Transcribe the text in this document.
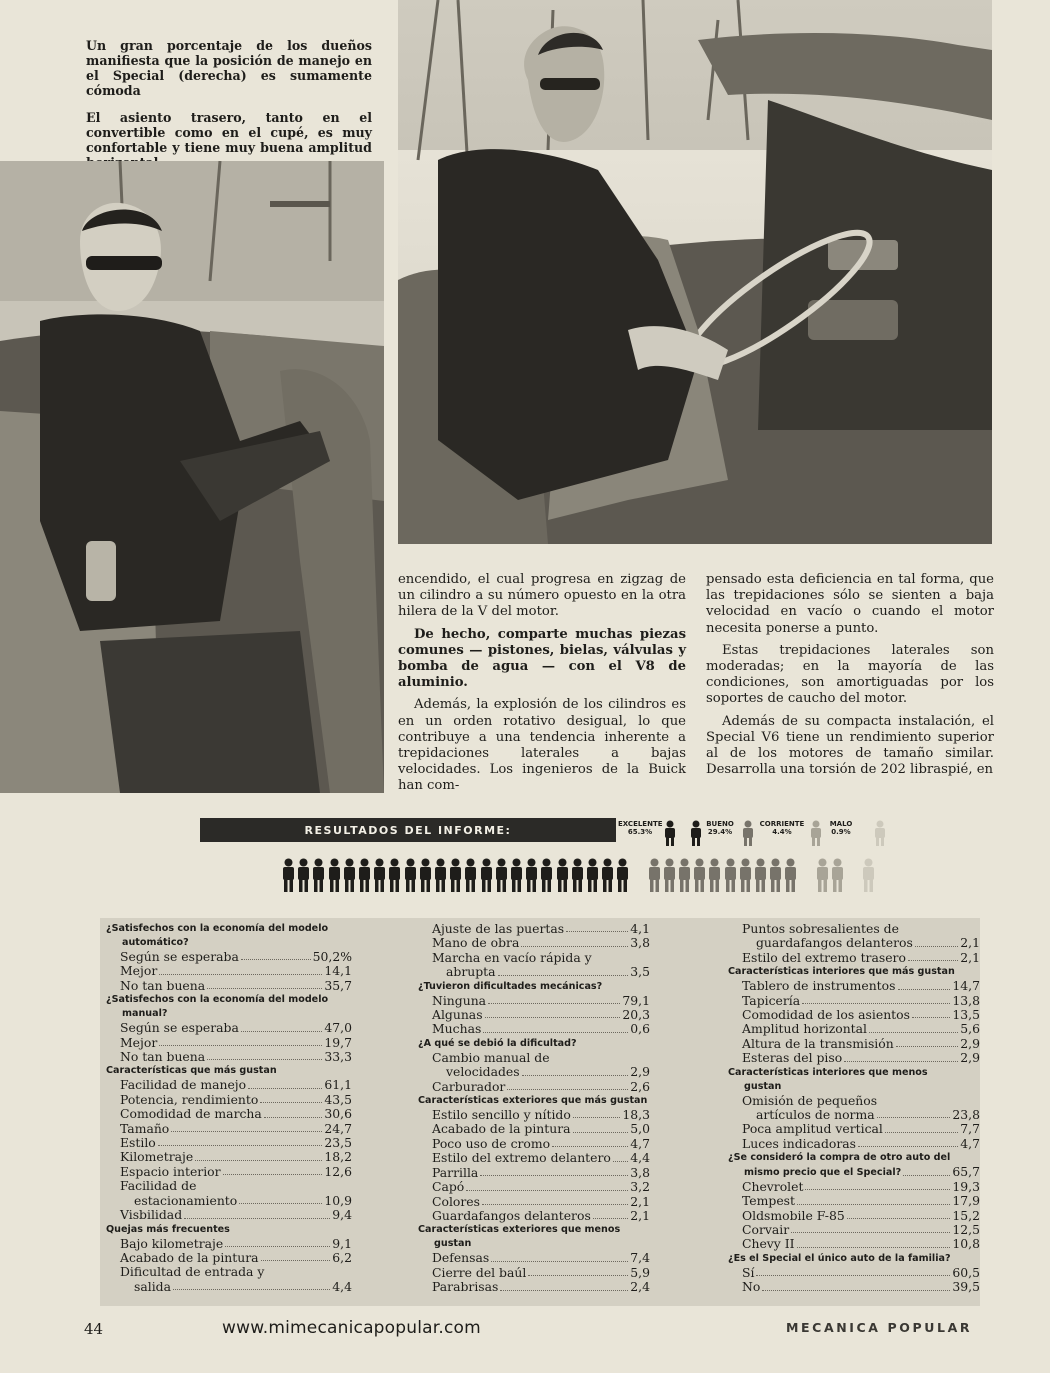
Un gran porcentaje de los dueños manifiesta que la posición de manejo en el Special (derecha) es sumamente cómoda
El asiento trasero, tanto en el convertible como en el cupé, es muy confortable y tiene muy buena amplitud

encendido, el cual progresa en zigzag de un cilindro a su número opuesto en la otra hilera de la V del motor.

De hecho, comparte muchas piezas comunes — pistones, bielas, válvulas y bomba de agua — con el V8 de aluminio.

Además, la explosión de los cilindros es en un orden rotativo desigual, lo que contribuye a una tendencia inherente a trepidaciones laterales a bajas velocidades. Los ingenieros de la Buick han com-

pensado esta deficiencia en tal forma, que las trepidaciones sólo se sienten a baja velocidad en vacío o cuando el motor necesita ponerse a punto.

Estas trepidaciones laterales son moderadas; en la mayoría de las condiciones, son amortiguadas por los soportes de caucho del motor.

Además de su compacta instalación, el Special V6 tiene un rendimiento superior al de los motores de tamaño similar. Desarrolla una torsión de 202 libraspié, en

RESULTADOS DEL INFORME:	EXCELENTE
65.3%
BUENO
29.4%
CORRIENTE
4.4%
MALO
0.9%
¿Satisfechos con la economía del modelo
automático?
Según se esperaba	50,2%
Mejor	14,1
No tan buena	35,7
¿Satisfechos con la economía del modelo
manual?
Según se esperaba	47,0
Mejor	19,7
No tan buena	33,3
Características que más gustan
Facilidad de manejo	61,1
Potencia, rendimiento	43,5
Comodidad de marcha	30,6
Tamaño	24,7
Estilo	23,5
Kilometraje	18,2
Espacio interior	12,6
Facilidad de
estacionamiento	10,9
Visbilidad	9,4
Quejas más frecuentes
Bajo kilometraje	9,1
Acabado de la pintura	6,2
Dificultad de entrada y
salida	4,4
Ajuste de las puertas	4,1
Mano de obra	3,8
Marcha en vacío rápida y
abrupta	3,5
¿Tuvieron dificultades mecánicas?
Ninguna	79,1
Algunas	20,3
Muchas	0,6
¿A qué se debió la dificultad?
Cambio manual de
velocidades	2,9
Carburador	2,6
Características exteriores que más gustan
Estilo sencillo y nítido	18,3
Acabado de la pintura	5,0
Poco uso de cromo	4,7
Estilo del extremo delantero 4,4
Parrilla	3,8
Capó	3,2
Colores	2,1
Guardafangos delanteros	2,1
Características exteriores que menos
gustan
Defensas	7,4
Cierre del baúl	5,9
Parabrisas	2,4
Puntos sobresalientes de
guardafangos delanteros	2,1
Estilo del extremo trasero	2,1
Características interiores que más gustan
Tablero de instrumentos	14,7
Tapicería	13,8
Comodidad de los asientos	13,5
Amplitud horizontal	5,6
Altura de la transmisión	2,9
Esteras del piso	2,9
Características interiores que menos
gustan
Omisión de pequeños
artículos de norma	23,8
Poca amplitud vertical	7,7
Luces indicadoras	4,7
¿Se consideró la compra de otro auto del
mismo precio que el Special?	65,7
Chevrolet	19,3
Tempest	17,9
Oldsmobile F-85	15,2
Corvair	12,5
Chevy II	10,8
¿Es el Special el único auto de la familia?
Sí	60,5
No	39,5
44	www.mimecanicapopular.com	MECANICA POPULAR
